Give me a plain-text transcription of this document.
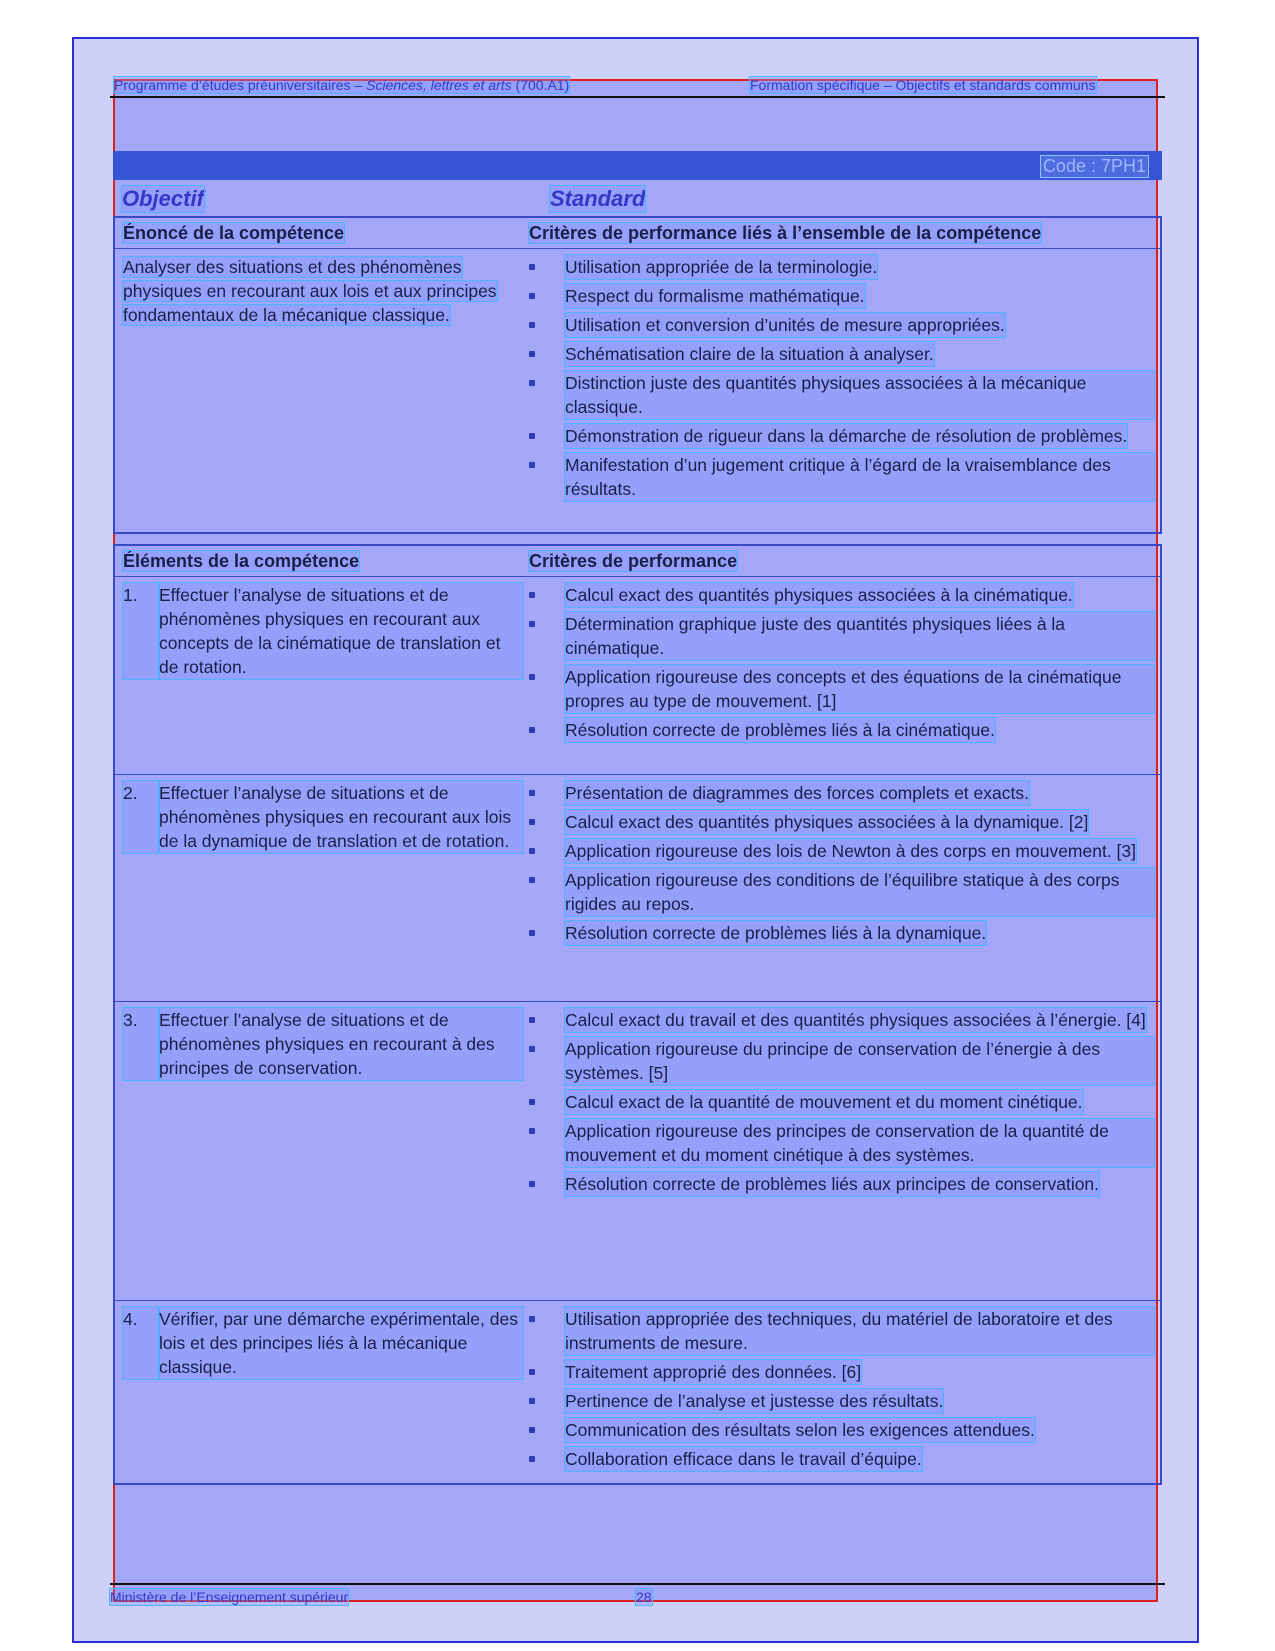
Programme d’études préuniversitaires – Sciences, lettres et arts (700.A1)	Formation spécifique – Objectifs et standards communs
Code : 7PH1
Objectif	Standard
Énoncé de la compétence	Critères de performance liés à l’ensemble de la compétence
Analyser des situations et des phénomènes physiques en recourant aux lois et aux principes fondamentaux de la mécanique classique.
Utilisation appropriée de la terminologie.
Respect du formalisme mathématique.
Utilisation et conversion d’unités de mesure appropriées.
Schématisation claire de la situation à analyser.
Distinction juste des quantités physiques associées à la mécanique classique.
Démonstration de rigueur dans la démarche de résolution de problèmes.
Manifestation d’un jugement critique à l’égard de la vraisemblance des résultats.
Éléments de la compétence	Critères de performance
1.	Effectuer l’analyse de situations et de phénomènes physiques en recourant aux concepts de la cinématique de translation et de rotation.
Calcul exact des quantités physiques associées à la cinématique.
Détermination graphique juste des quantités physiques liées à la cinématique.
Application rigoureuse des concepts et des équations de la cinématique propres au type de mouvement. [1]
Résolution correcte de problèmes liés à la cinématique.
2.	Effectuer l’analyse de situations et de phénomènes physiques en recourant aux lois de la dynamique de translation et de rotation.
Présentation de diagrammes des forces complets et exacts.
Calcul exact des quantités physiques associées à la dynamique. [2]
Application rigoureuse des lois de Newton à des corps en mouvement. [3]
Application rigoureuse des conditions de l’équilibre statique à des corps rigides au repos.
Résolution correcte de problèmes liés à la dynamique.
3.	Effectuer l’analyse de situations et de phénomènes physiques en recourant à des principes de conservation.
Calcul exact du travail et des quantités physiques associées à l’énergie. [4]
Application rigoureuse du principe de conservation de l’énergie à des systèmes. [5]
Calcul exact de la quantité de mouvement et du moment cinétique.
Application rigoureuse des principes de conservation de la quantité de mouvement et du moment cinétique à des systèmes.
Résolution correcte de problèmes liés aux principes de conservation.
4.	Vérifier, par une démarche expérimentale, des lois et des principes liés à la mécanique classique.
Utilisation appropriée des techniques, du matériel de laboratoire et des instruments de mesure.
Traitement approprié des données. [6]
Pertinence de l’analyse et justesse des résultats.
Communication des résultats selon les exigences attendues.
Collaboration efficace dans le travail d’équipe.
Ministère de l’Enseignement supérieur	28
